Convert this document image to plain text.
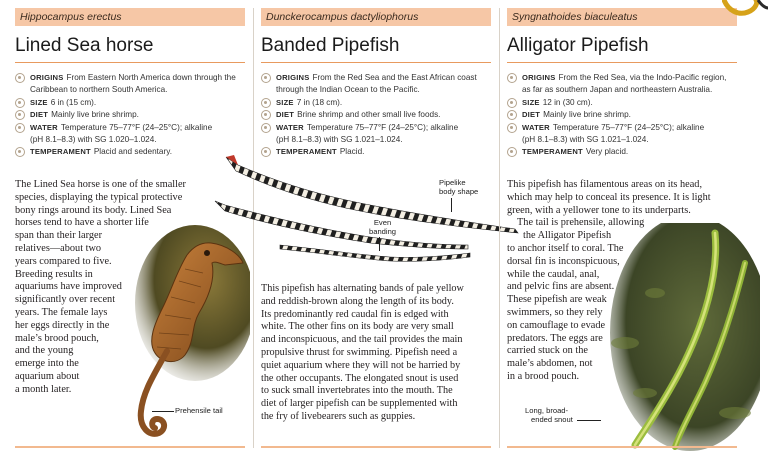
Hippocampus erectus
Lined Sea horse
ORIGINS From Eastern North America down through the
Caribbean to northern South America.
SIZE 6 in (15 cm).
DIET Mainly live brine shrimp.
WATER Temperature 75–77°F (24–25°C); alkaline
(pH 8.1–8.3) with SG 1.020–1.024.
TEMPERAMENT Placid and sedentary.
The Lined Sea horse is one of the smaller
species, displaying the typical protective
bony rings around its body. Lined Sea
horses tend to have a shorter life
span than their larger
relatives—about two
years compared to five.
Breeding results in
aquariums have improved
significantly over recent
years. The female lays
her eggs directly in the
male’s brood pouch,
and the young
emerge into the
aquarium about
a month later.
Prehensile tail
Dunckerocampus dactyliophorus
Banded Pipefish
ORIGINS From the Red Sea and the East African coast
through the Indian Ocean to the Pacific.
SIZE 7 in (18 cm).
DIET Brine shrimp and other small live foods.
WATER Temperature 75–77°F (24–25°C); alkaline
(pH 8.1–8.3) with SG 1.021–1.024.
TEMPERAMENT Placid.
This pipefish has alternating bands of pale yellow
and reddish-brown along the length of its body.
Its predominantly red caudal fin is edged with
white. The other fins on its body are very small
and inconspicuous, and the tail provides the main
propulsive thrust for swimming. Pipefish need a
quiet aquarium where they will not be harried by
the other occupants. The elongated snout is used
to suck small invertebrates into the mouth. The
diet of larger pipefish can be supplemented with
the fry of livebearers such as guppies.
Pipelike
body shape
Even
banding
Syngnathoides biaculeatus
Alligator Pipefish
ORIGINS From the Red Sea, via the Indo-Pacific region,
as far as southern Japan and northeastern Australia.
SIZE 12 in (30 cm).
DIET Mainly live brine shrimp.
WATER Temperature 75–77°F (24–25°C); alkaline
(pH 8.1–8.3) with SG 1.021–1.024.
TEMPERAMENT Very placid.
This pipefish has filamentous areas on its head,
which may help to conceal its presence. It is light
green, with a yellower tone to its underparts.
The tail is prehensile, allowing
the Alligator Pipefish
to anchor itself to coral. The
dorsal fin is inconspicuous,
while the caudal, anal,
and pelvic fins are absent.
These pipefish are weak
swimmers, so they rely
on camouflage to evade
predators. The eggs are
carried stuck on the
male’s abdomen, not
in a brood pouch.
Long, broad-
ended snout
